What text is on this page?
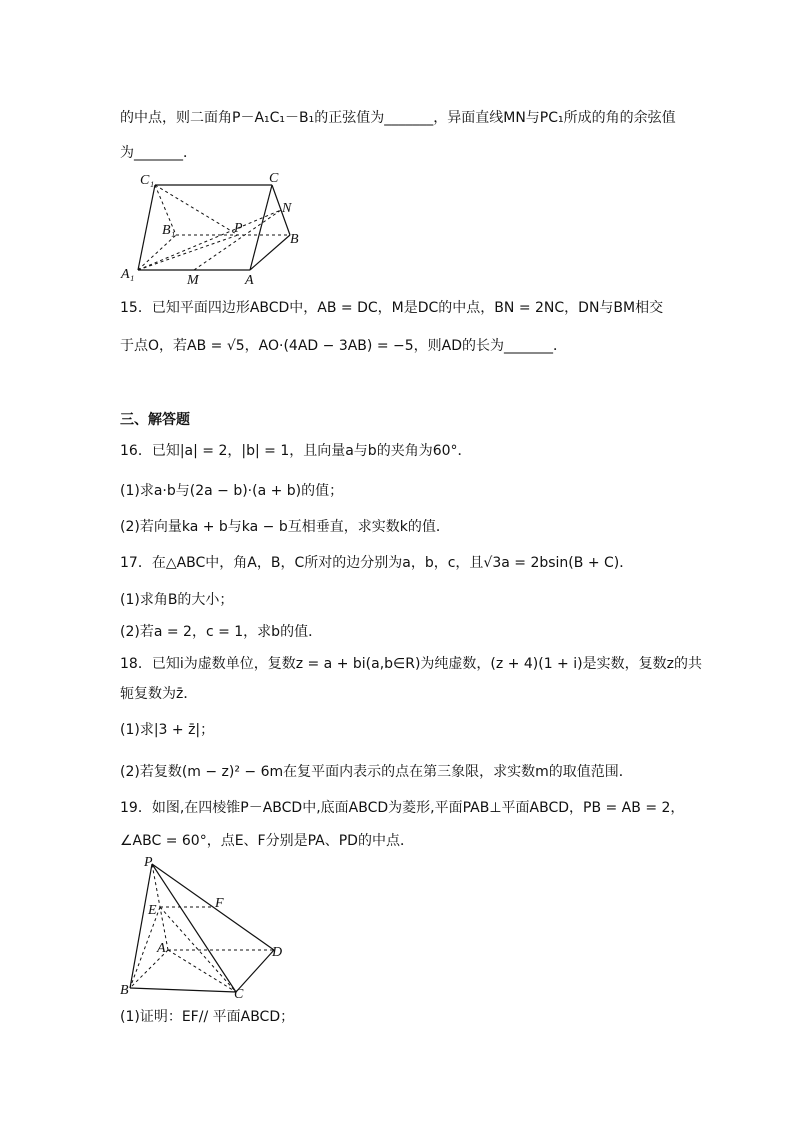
的中点，则二面角P－A₁C₁－B₁的正弦值为_______，异面直线MN与PC₁所成的角的余弦值
为_______．
C₁	C
N
B₁	P
B
A₁	M	A
15．已知平面四边形ABCD中，AB = DC，M是DC的中点，BN = 2NC，DN与BM相交
于点O，若AB = √5，AO·(4AD − 3AB) = −5，则AD的长为_______．
三、解答题
16．已知|a| = 2，|b| = 1，且向量a与b的夹角为60°．
(1)求a·b与(2a − b)·(a + b)的值；
(2)若向量ka + b与ka − b互相垂直，求实数k的值．
17．在△ABC中，角A，B，C所对的边分别为a，b，c，且√3a = 2bsin(B + C)．
(1)求角B的大小；
(2)若a = 2，c = 1，求b的值．
18．已知i为虚数单位，复数z = a + bi(a,b∈R)为纯虚数，(z + 4)(1 + i)是实数，复数z的共
轭复数为z̄．
(1)求|3 + z̄|；
(2)若复数(m − z)² − 6m在复平面内表示的点在第三象限，求实数m的取值范围．
19．如图,在四棱锥P－ABCD中,底面ABCD为菱形,平面PAB⊥平面ABCD，PB = AB = 2，
∠ABC = 60°，点E、F分别是PA、PD的中点．
P
F
E
A	D
B	C
(1)证明：EF// 平面ABCD；
